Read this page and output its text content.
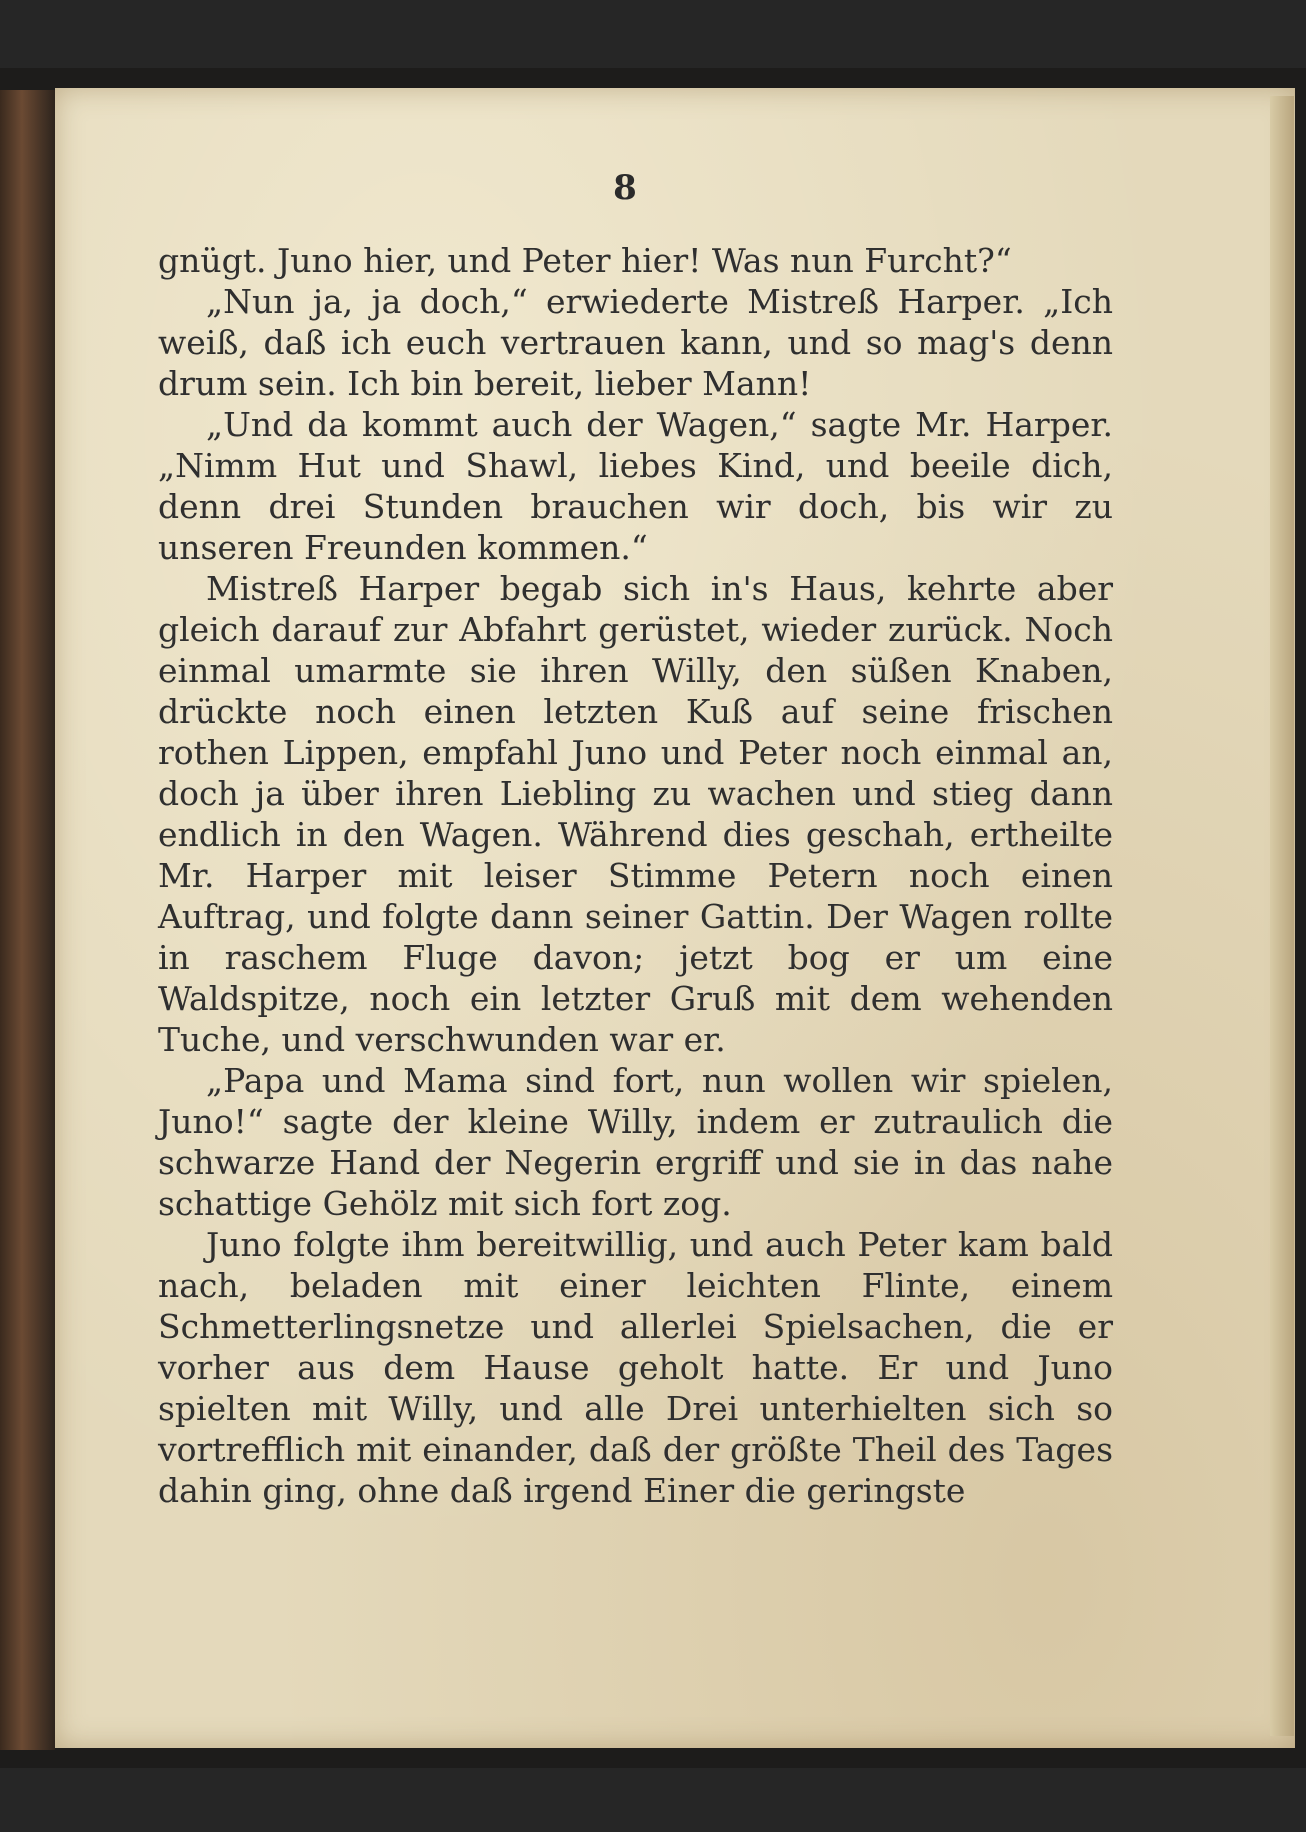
8

gnügt. Juno hier, und Peter hier! Was nun Furcht?“

„Nun ja, ja doch,“ erwiederte Mistreß Harper. „Ich weiß, daß ich euch vertrauen kann, und so mag's denn drum sein. Ich bin bereit, lieber Mann!

„Und da kommt auch der Wagen,“ sagte Mr. Harper. „Nimm Hut und Shawl, liebes Kind, und beeile dich, denn drei Stunden brauchen wir doch, bis wir zu unseren Freunden kommen.“

Mistreß Harper begab sich in's Haus, kehrte aber gleich darauf zur Abfahrt gerüstet, wieder zurück. Noch einmal umarmte sie ihren Willy, den süßen Knaben, drückte noch einen letzten Kuß auf seine frischen rothen Lippen, empfahl Juno und Peter noch einmal an, doch ja über ihren Liebling zu wachen und stieg dann endlich in den Wagen. Während dies geschah, ertheilte Mr. Harper mit leiser Stimme Petern noch einen Auftrag, und folgte dann seiner Gattin. Der Wagen rollte in raschem Fluge davon; jetzt bog er um eine Waldspitze, noch ein letzter Gruß mit dem wehenden Tuche, und verschwunden war er.

„Papa und Mama sind fort, nun wollen wir spielen, Juno!“ sagte der kleine Willy, indem er zutraulich die schwarze Hand der Negerin ergriff und sie in das nahe schattige Gehölz mit sich fort zog.

Juno folgte ihm bereitwillig, und auch Peter kam bald nach, beladen mit einer leichten Flinte, einem Schmetterlingsnetze und allerlei Spielsachen, die er vorher aus dem Hause geholt hatte. Er und Juno spielten mit Willy, und alle Drei unterhielten sich so vortrefflich mit einander, daß der größte Theil des Tages dahin ging, ohne daß irgend Einer die geringste
